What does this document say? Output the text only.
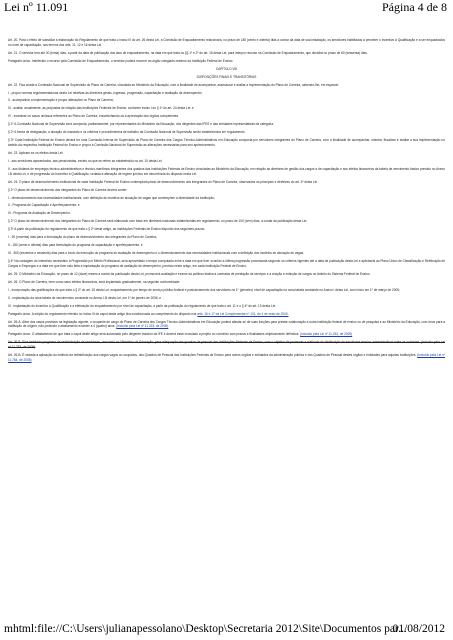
Lei nº 11.091	Página 4 de 8

Art. 20. Para o efeito de subsidiar a elaboração do Regulamento de que trata o inciso III do art. 26 desta Lei, a Comissão de Enquadramento relacionará, no prazo de 180 (cento e oitenta) dias a contar da data de sua instalação, os servidores habilitados a perceber o Incentivo à Qualificação e a ser enquadrados no nível de capacitação, nos termos dos arts. 11, 12 e 16 desta Lei.

Art. 21. O servidor terá até 30 (trinta) dias, a partir da data de publicação dos atos de enquadramento, na data em que trata os §§ 1º e 2º do art. 15 desta Lei, para interpor recurso na Comissão de Enquadramento, que decidirá no prazo de 60 (sessenta) dias.

Parágrafo único. Indeferido o recurso pela Comissão de Enquadramento, o servidor poderá recorrer ao órgão colegiado máximo da Instituição Federal de Ensino.

CAPÍTULO VIII

DISPOSIÇÕES FINAIS E TRANSITÓRIAS

Art. 22. Fica criada a Comissão Nacional de Supervisão do Plano de Carreira, vinculada ao Ministério da Educação, com a finalidade de acompanhar, assessorar e avaliar a implementação do Plano de Carreira, cabendo-lhe, em especial:

I - propor normas regulamentadoras desta Lei relativas às diretrizes gerais, ingresso, progressão, capacitação e avaliação de desempenho;

II - acompanhar a implementação e propor alterações no Plano de Carreira;

III - avaliar, anualmente, as propostas de lotação das Instituições Federais de Ensino, conforme inciso I do § 1º do art. 24 desta Lei; e

IV - examinar os casos omissos referentes ao Plano de Carreira, encaminhando-os à apreciação dos órgãos competentes.

§ 1º A Comissão Nacional de Supervisão será composta, paritariamente, por representantes do Ministério da Educação, dos dirigentes das IFES e das entidades representativas da categoria.

§ 2º A forma de designação, a duração do mandato e os critérios e procedimentos de trabalho da Comissão Nacional de Supervisão serão estabelecidos em regulamento.

§ 3º Cada Instituição Federal de Ensino deverá ter uma Comissão Interna de Supervisão do Plano de Carreira dos Cargos Técnico-Administrativos em Educação composta por servidores integrantes do Plano de Carreira, com a finalidade de acompanhar, orientar, fiscalizar e avaliar a sua implementação no âmbito da respectiva Instituição Federal de Ensino e propor à Comissão Nacional de Supervisão as alterações necessárias para seu aprimoramento.

Art. 23. Aplicam-se os efeitos desta Lei:

I - aos servidores aposentados, aos pensionistas, exceto no que se refere ao estabelecido no art. 10 desta Lei;

II - aos titulares de empregos técnico-administrativos e técnico-marítimos integrantes dos quadros das Instituições Federais de Ensino vinculadas ao Ministério da Educação, em relação às diretrizes de gestão dos cargos e de capacitação e aos efeitos financeiros da tabela de vencimento básico previsto no Anexo I-B desta Lei, e de progressão do Incentivo à Qualificação, vedada a alteração de regime jurídico em decorrência do disposto nesta Lei.

Art. 24. O plano de desenvolvimento institucional de cada Instituição Federal de Ensino contemplará plano de desenvolvimento dos integrantes do Plano de Carreira, observados os princípios e diretrizes do art. 3º desta Lei.

§ 1º O plano de desenvolvimento dos integrantes do Plano de Carreira deverá conter:

I - dimensionamento das necessidades institucionais, com definição de modelos de alocação de vagas que contemplem a diversidade da instituição;

II - Programa de Capacitação e Aperfeiçoamento; e

III - Programa de Avaliação de Desempenho.

§ 2º O plano de desenvolvimento dos integrantes do Plano de Carreira será elaborado com base em diretrizes nacionais estabelecidas em regulamento, no prazo de 100 (cem) dias, a contar da publicação desta Lei.

§ 3º A partir da publicação do regulamento de que trata o § 2º deste artigo, as Instituições Federais de Ensino disporão dos seguintes prazos:

I - 90 (noventa) dias para a formulação do plano de desenvolvimento dos integrantes do Plano de Carreira;

II - 180 (cento e oitenta) dias para formulação do programa de capacitação e aperfeiçoamento; e

III - 360 (trezentos e sessenta) dias para o início da execução do programa de avaliação de desempenho e o dimensionamento das necessidades institucionais com a definição dos modelos de alocação de vagas.

§ 4º Na contagem do interstício necessário à Progressão por Mérito Profissional, será aproveitado o tempo computado entre a data em que tiver ocorrido a última progressão processada segundo os critérios vigentes até a data de publicação desta Lei e aplicáveis ao Plano Único de Classificação e Retribuição de Cargos e Empregos e a data em que tiver sido feita a implantação do programa de avaliação de desempenho, previsto neste artigo, em cada Instituição Federal de Ensino.

Art. 25. O Ministério da Educação, no prazo de 12 (doze) meses a contar da publicação desta Lei, promoverá avaliação e exame da política relativa a contratos de prestação de serviços e a criação e extinção de cargos no âmbito do Sistema Federal de Ensino.

Art. 26. O Plano de Carreira, bem como seus efeitos financeiros, será implantado gradualmente, na seguinte conformidade:

I - incorporação das gratificações de que trata o § 2º do art. 15 desta Lei, enquadramento por tempo de serviço público federal e posicionamento dos servidores no 1º (primeiro) nível de capacitação na nova tabela constante no Anexo I desta Lei, com início em 1º de março de 2005;

II - implantação da nova tabela de vencimentos constante no Anexo I-B desta Lei, em 1º de janeiro de 2006; e

III - implantação do Incentivo à Qualificação e a efetivação do enquadramento por nível de capacitação, a partir da publicação do regulamento de que trata o art. 11 e o § 4º do art. 13 desta Lei.

Parágrafo único. A edição do regulamento referido no inciso III do caput deste artigo fica condicionada ao cumprimento do disposto nos arts. 16 e 17 da Lei Complementar nº 101, de 4 de maio de 2000.

Art. 26-A. Além dos casos previstos na legislação vigente, o ocupante de cargo do Plano de Carreira dos Cargos Técnico-Administrativos em Educação poderá afastar-se de suas funções para prestar colaboração a outra instituição federal de ensino ou de pesquisa e ao Ministério da Educação, com ônus para a instituição de origem, não podendo o afastamento exceder a 4 (quatro) anos. (Incluído pela Lei nº 11.233, de 2005)

Parágrafo único. O afastamento de que trata o caput deste artigo será autorizado pelo dirigente máximo da IFE e deverá estar vinculado a projeto ou convênio com prazos e finalidades objetivamente definidos. (Incluído pela Lei nº 11.233, de 2005)

Art. 26-B. Fica instituído programa de redistribuição de servidores, vinculado ao Ministério da Educação, para adequação dos quadros de pessoal das Instituições Federais de Ensino, com o objetivo de promover a melhoria da distribuição de servidores técnico-administrativos entre as unidades. (Incluído pela Lei nº 11.233, de 2005)

Art. 26-B. É vedada a aplicação do instituto da redistribuição aos cargos vagos ou ocupados, dos Quadros de Pessoal das Instituições Federais de Ensino para outros órgãos e entidades da administração pública e dos Quadros de Pessoal destes órgãos e entidades para aquelas instituições. (Incluído pela Lei nº 11.784, de 2008)

mhtml:file://C:\Users\julianapessolano\Desktop\Secretaria 2012\Site\Documentos par...
01/08/2012
